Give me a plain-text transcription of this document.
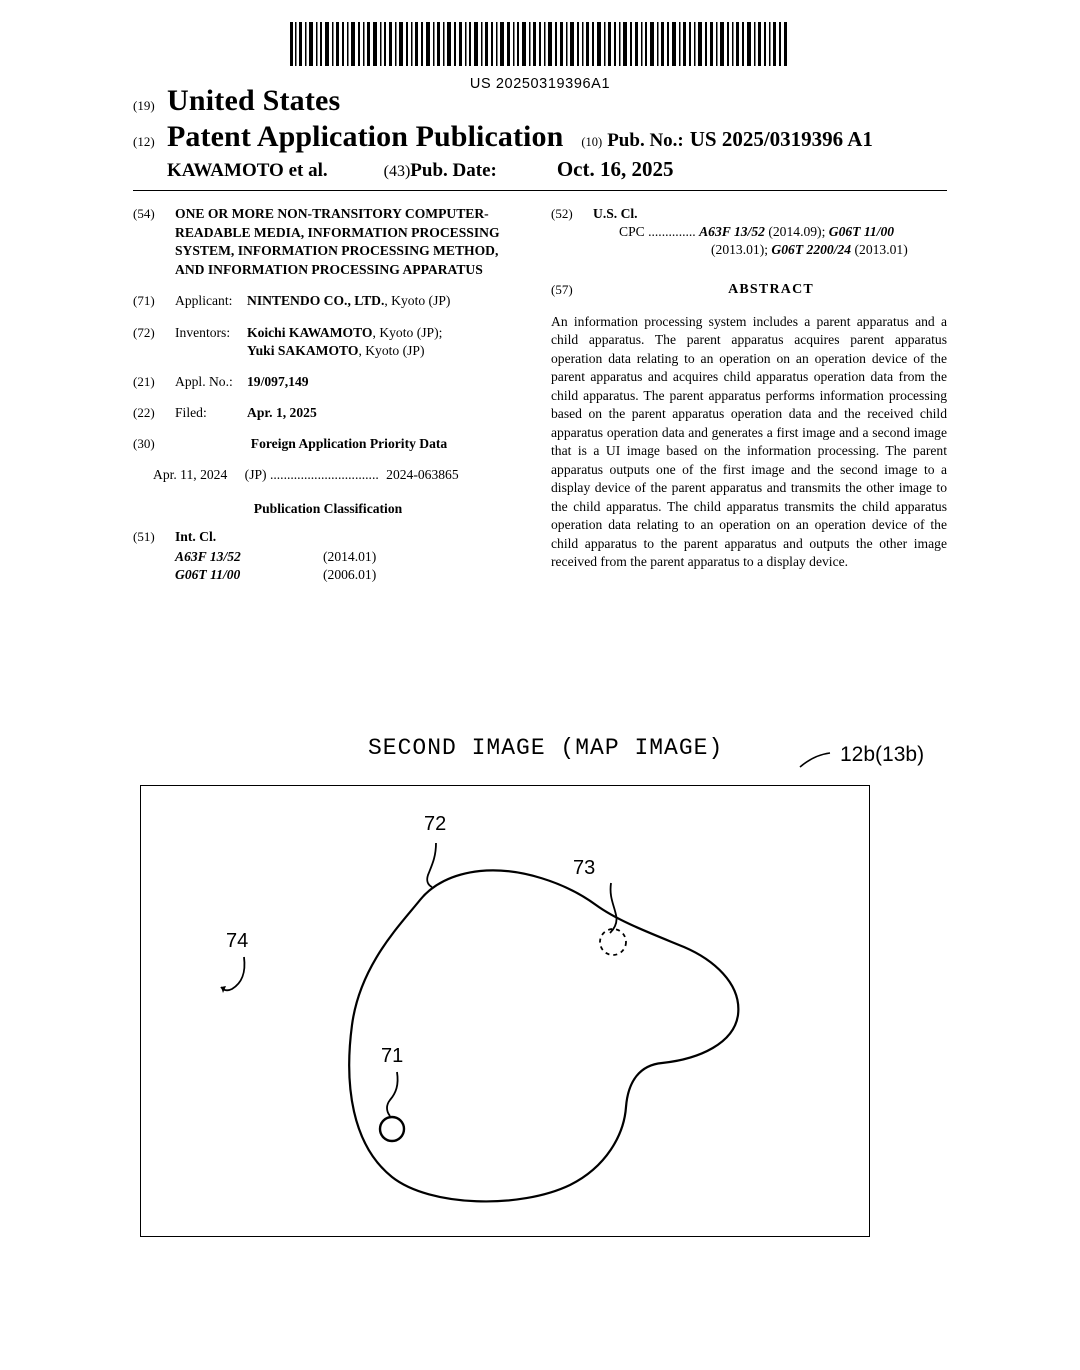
US 20250319396A1
(19) United States
(12) Patent Application Publication (10) Pub. No.: US 2025/0319396 A1
KAWAMOTO et al.	(43) Pub. Date:	Oct. 16, 2025
(54)	ONE OR MORE NON-TRANSITORY COMPUTER-READABLE MEDIA, INFORMATION PROCESSING SYSTEM, INFORMATION PROCESSING METHOD, AND INFORMATION PROCESSING APPARATUS
(71)	Applicant: NINTENDO CO., LTD., Kyoto (JP)
(72)	Inventors: Koichi KAWAMOTO, Kyoto (JP);
Yuki SAKAMOTO, Kyoto (JP)
(21)	Appl. No.: 19/097,149
(22)	Filed:	Apr. 1, 2025
(30)	Foreign Application Priority Data
Apr. 11, 2024 (JP) ................................ 2024-063865
Publication Classification
(51)	Int. Cl.
A63F 13/52	(2014.01)
G06T 11/00	(2006.01)
(52)	U.S. Cl.
CPC .............. A63F 13/52 (2014.09); G06T 11/00
(2013.01); G06T 2200/24 (2013.01)
(57)	ABSTRACT
An information processing system includes a parent apparatus and a child apparatus. The parent apparatus acquires parent apparatus operation data relating to an operation on an operation device of the parent apparatus and acquires child apparatus operation data from the child apparatus. The parent apparatus performs information processing based on the parent apparatus operation data and the received child apparatus operation data and generates a first image and a second image that is a UI image based on the information processing. The parent apparatus outputs one of the first image and the second image to a display device of the parent apparatus and transmits the other image to the child apparatus. The child apparatus transmits the child apparatus operation data relating to an operation on an operation device of the child apparatus to the parent apparatus and outputs the other image received from the parent apparatus to a display device.
SECOND IMAGE (MAP IMAGE)	12b(13b)
72
73
74
71
